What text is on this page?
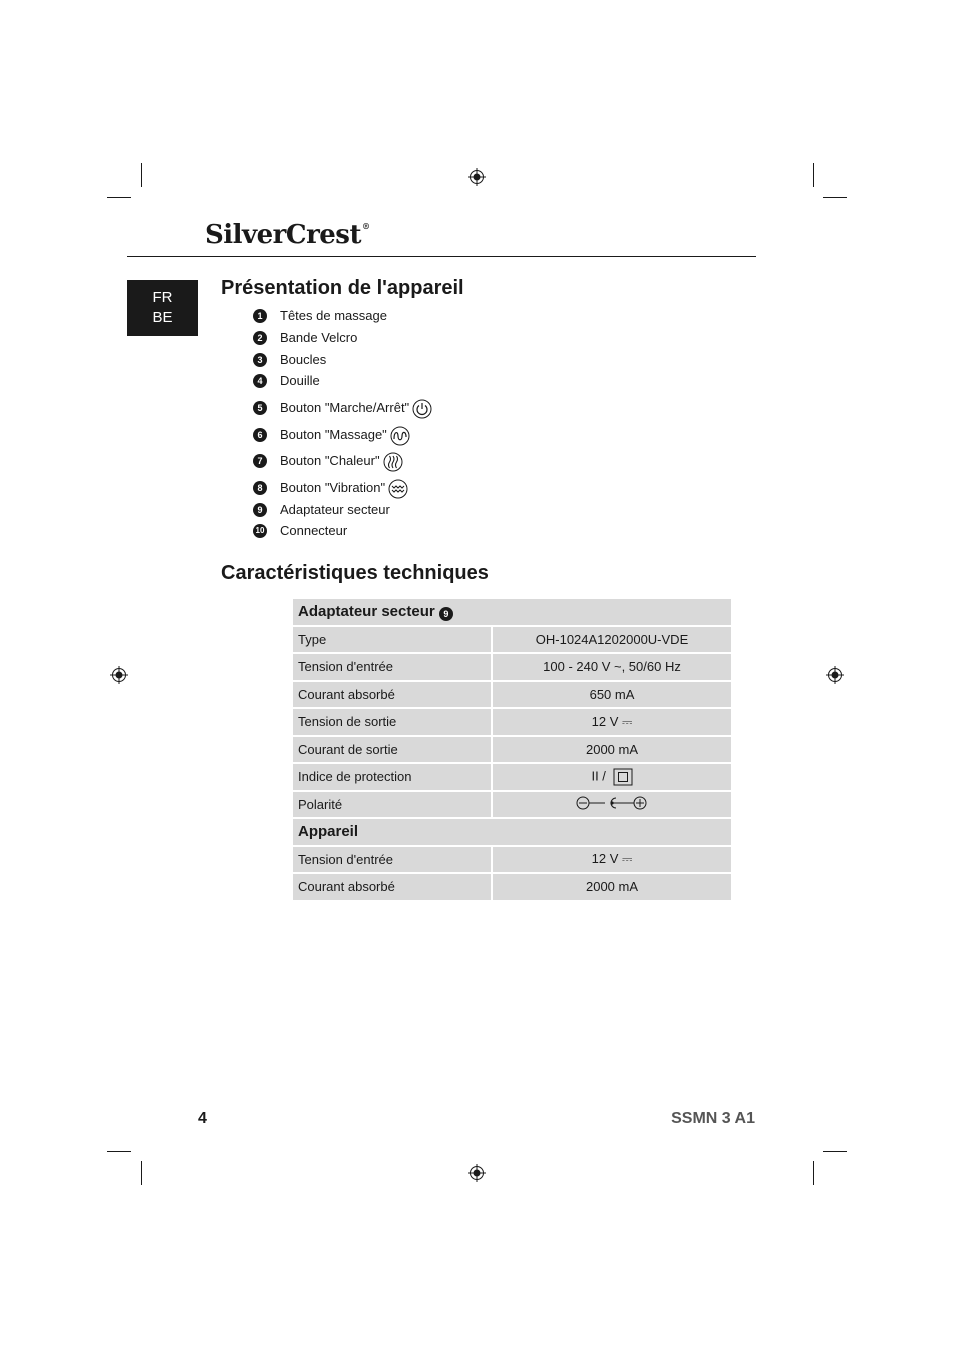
SilverCrest®
FR
BE
Présentation de l'appareil
1	Têtes de massage
2	Bande Velcro
3	Boucles
4	Douille
5	Bouton "Marche/Arrêt"
6	Bouton "Massage"
7	Bouton "Chaleur"
8	Bouton "Vibration"
9	Adaptateur secteur
10 Connecteur
Caractéristiques techniques
Adaptateur secteur 9	
Type	OH-1024A1202000U-VDE
Tension d'entrée	100 - 240 V ~, 50/60 Hz
Courant absorbé	650 mA
Tension de sortie	12 V ⎓
Courant de sortie	2000 mA
Indice de protection	II /
Polarité	
Appareil	
Tension d'entrée	12 V ⎓
Courant absorbé	2000 mA
4	SSMN 3 A1
